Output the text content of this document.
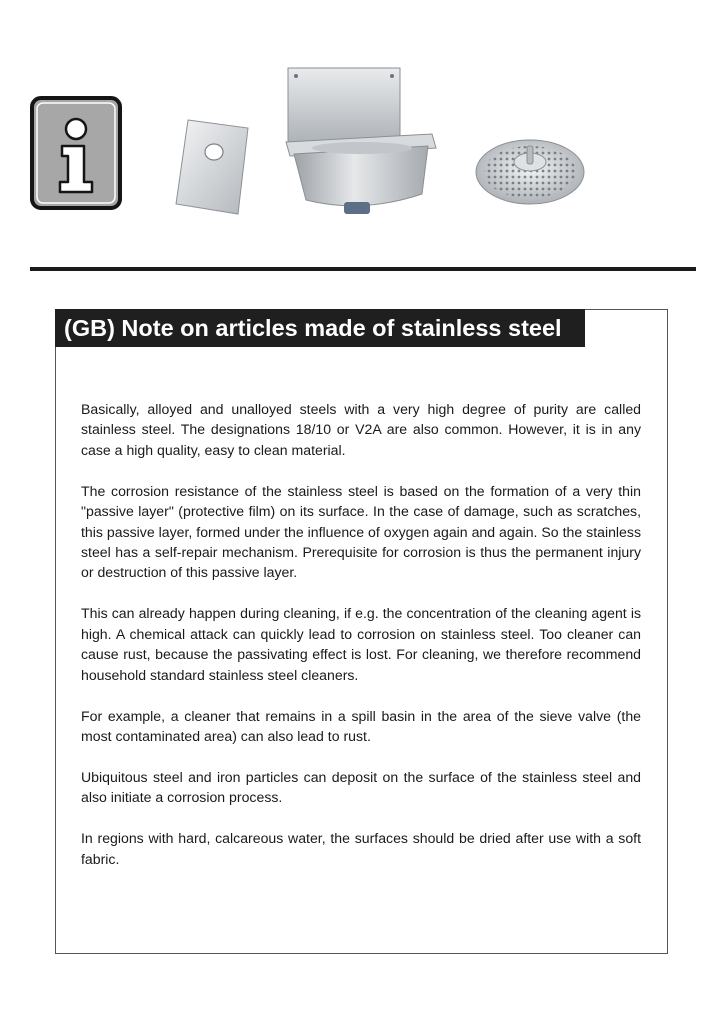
(GB) Note on articles made of stainless steel

Basically, alloyed and unalloyed steels with a very high degree of purity are called stainless steel. The designations 18/10 or V2A are also common. However, it is in any case a high quality, easy to clean material.

The corrosion resistance of the stainless steel is based on the formation of a very thin "passive layer" (protective film) on its surface. In the case of damage, such as scratches, this passive layer, formed under the influence of oxygen again and again. So the stainless steel has a self-repair mechanism. Prerequisite for corrosion is thus the permanent injury or destruction of this passive layer.

This can already happen during cleaning, if e.g. the concentration of the cleaning agent is high. A chemical attack can quickly lead to corrosion on stainless steel. Too cleaner can cause rust, because the passivating effect is lost. For cleaning, we therefore recommend household standard stainless steel cleaners.

For example, a cleaner that remains in a spill basin in the area of the sieve valve (the most contaminated area) can also lead to rust.

Ubiquitous steel and iron particles can deposit on the surface of the stainless steel and also initiate a corrosion process.

In regions with hard, calcareous water, the surfaces should be dried after use with a soft fabric.
